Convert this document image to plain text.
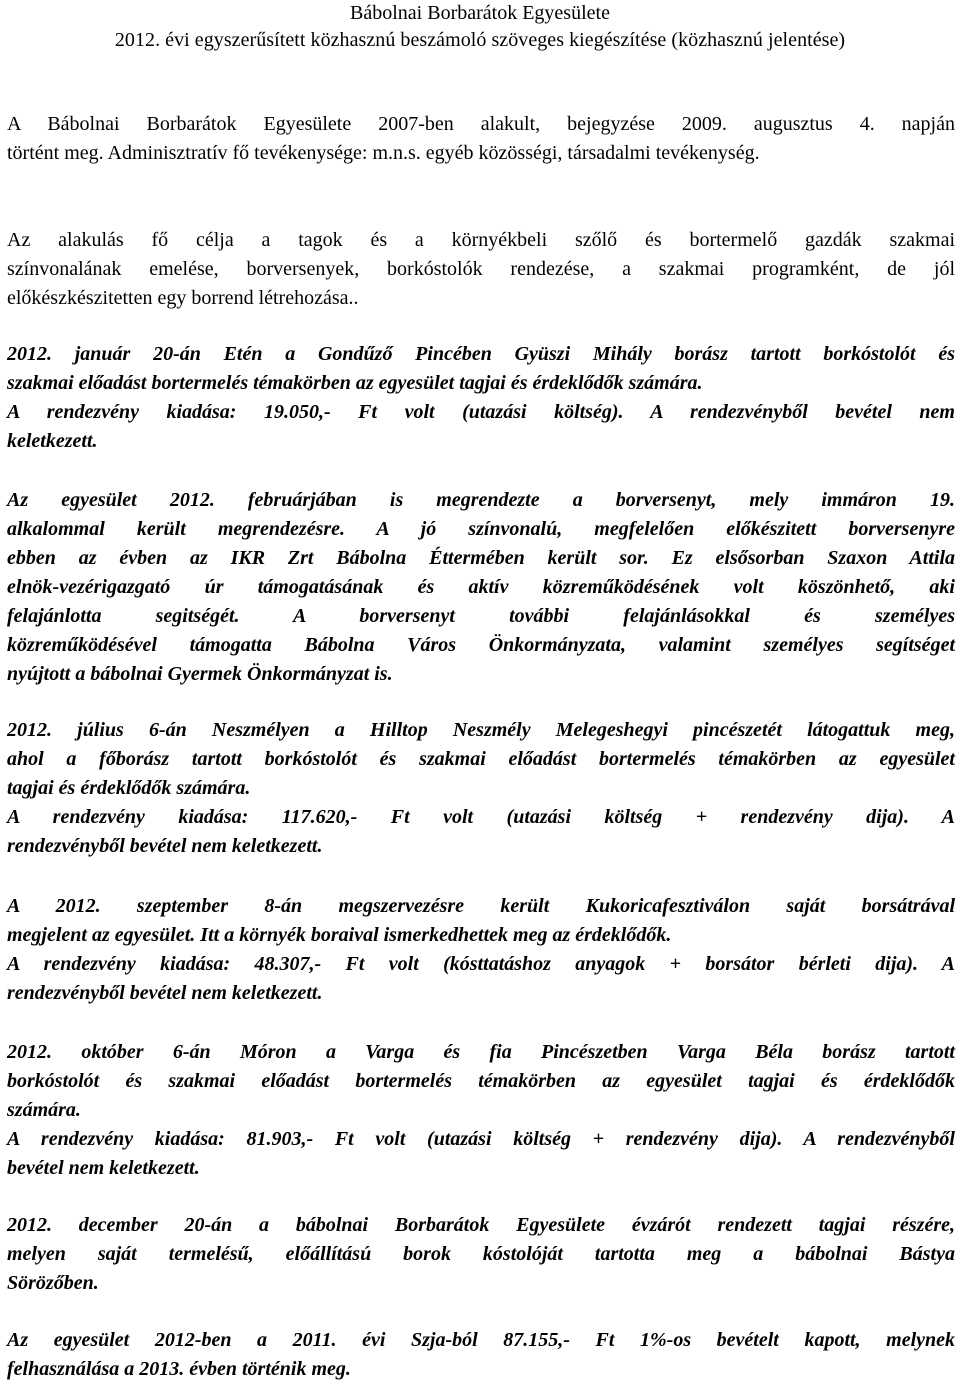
Bábolnai Borbarátok Egyesülete
2012. évi egyszerűsített közhasznú beszámoló szöveges kiegészítése (közhasznú jelentése)
A Bábolnai Borbarátok Egyesülete 2007-ben alakult, bejegyzése 2009. augusztus 4. napján
történt meg. Adminisztratív fő tevékenysége: m.n.s. egyéb közösségi, társadalmi tevékenység.
Az alakulás fő célja a tagok és a környékbeli szőlő és bortermelő gazdák szakmai
színvonalának emelése, borversenyek, borkóstolók rendezése, a szakmai programként, de jól
előkészkészitetten egy borrend létrehozása..
2012. január 20-án Etén a Gondűző Pincében Gyüszi Mihály borász tartott borkóstolót és
szakmai előadást bortermelés témakörben az egyesület tagjai és érdeklődők számára.
A rendezvény kiadása: 19.050,- Ft volt (utazási költség). A rendezvényből bevétel nem
keletkezett.
Az egyesület 2012. februárjában is megrendezte a borversenyt, mely immáron 19.
alkalommal került megrendezésre. A jó színvonalú, megfelelően előkészitett borversenyre
ebben az évben az IKR Zrt Bábolna Éttermében került sor. Ez elsősorban Szaxon Attila
elnök-vezérigazgató úr támogatásának és aktív közreműködésének volt köszönhető, aki
felajánlotta segitségét. A borversenyt további felajánlásokkal és személyes
közreműködésével támogatta Bábolna Város Önkormányzata, valamint személyes segítséget
nyújtott a bábolnai Gyermek Önkormányzat is.
2012. július 6-án Neszmélyen a Hilltop Neszmély Melegeshegyi pincészetét látogattuk meg,
ahol a főborász tartott borkóstolót és szakmai előadást bortermelés témakörben az egyesület
tagjai és érdeklődők számára.
A rendezvény kiadása: 117.620,- Ft volt (utazási költség + rendezvény dija). A
rendezvényből bevétel nem keletkezett.
A 2012. szeptember 8-án megszervezésre került Kukoricafesztiválon saját borsátrával
megjelent az egyesület. Itt a környék boraival ismerkedhettek meg az érdeklődők.
A rendezvény kiadása: 48.307,- Ft volt (kósttatáshoz anyagok + borsátor bérleti dija). A
rendezvényből bevétel nem keletkezett.
2012. október 6-án Móron a Varga és fia Pincészetben Varga Béla borász tartott
borkóstolót és szakmai előadást bortermelés témakörben az egyesület tagjai és érdeklődők
számára.
A rendezvény kiadása: 81.903,- Ft volt (utazási költség + rendezvény dija). A rendezvényből
bevétel nem keletkezett.
2012. december 20-án a bábolnai Borbarátok Egyesülete évzárót rendezett tagjai részére,
melyen saját termelésű, előállítású borok kóstolóját tartotta meg a bábolnai Bástya
Sörözőben.
Az egyesület 2012-ben a 2011. évi Szja-ból 87.155,- Ft 1%-os bevételt kapott, melynek
felhasználása a 2013. évben történik meg.
